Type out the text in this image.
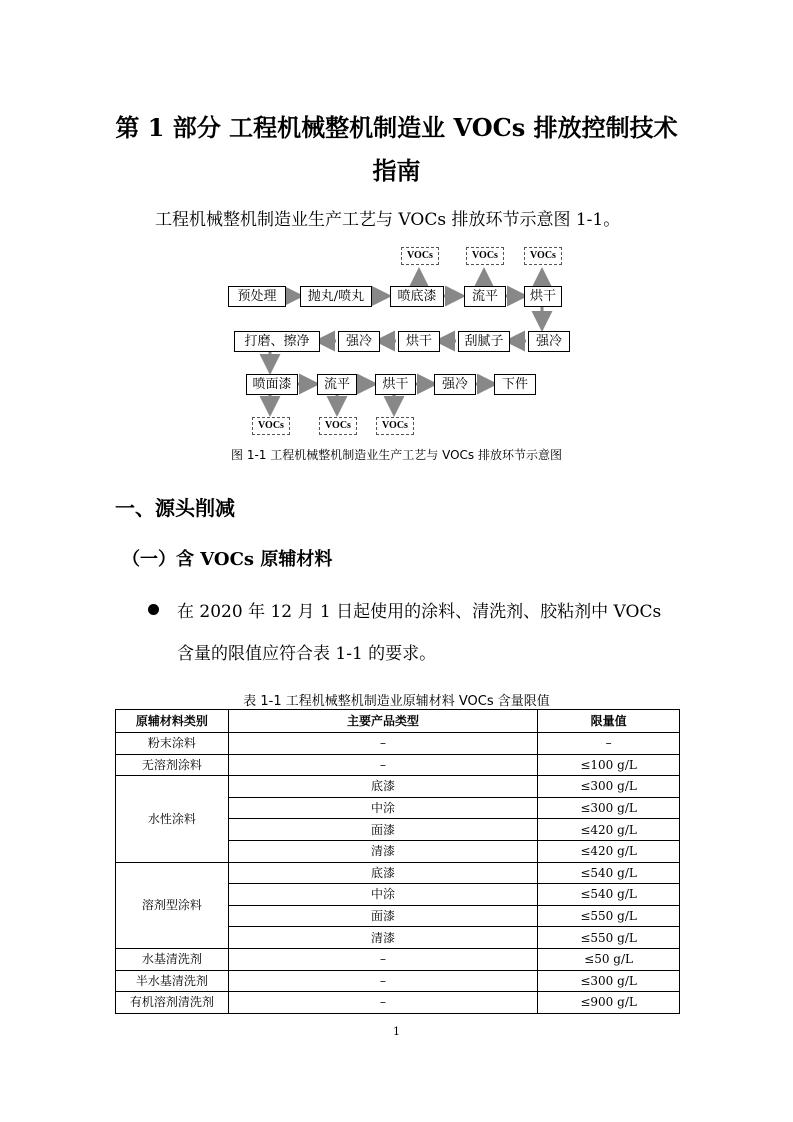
第 1 部分 工程机械整机制造业 VOCs 排放控制技术
指南
工程机械整机制造业生产工艺与 VOCs 排放环节示意图 1-1。
VOCs	VOCs	VOCs
预处理	抛丸/喷丸	喷底漆	流平	烘干
打磨、擦净	强冷	烘干	刮腻子	强冷
喷面漆	流平	烘干	强冷	下件
VOCs	VOCs	VOCs
图 1-1 工程机械整机制造业生产工艺与 VOCs 排放环节示意图
一、源头削减
（一）含 VOCs 原辅材料
在 2020 年 12 月 1 日起使用的涂料、清洗剂、胶粘剂中 VOCs
含量的限值应符合表 1-1 的要求。
表 1-1 工程机械整机制造业原辅材料 VOCs 含量限值
原辅材料类别	主要产品类型	限量值
粉末涂料	–	–
无溶剂涂料	–	≤100 g/L
水性涂料	底漆	≤300 g/L
	中涂	≤300 g/L
	面漆	≤420 g/L
	清漆	≤420 g/L
溶剂型涂料	底漆	≤540 g/L
	中涂	≤540 g/L
	面漆	≤550 g/L
	清漆	≤550 g/L
水基清洗剂	–	≤50 g/L
半水基清洗剂	–	≤300 g/L
有机溶剂清洗剂	–	≤900 g/L
1
